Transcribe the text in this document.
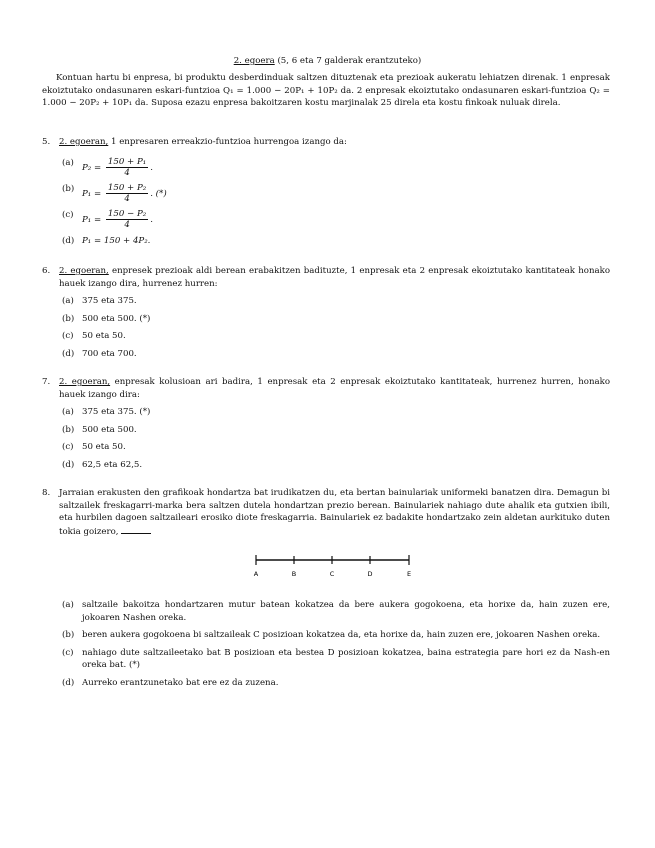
2. egoera (5, 6 eta 7 galderak erantzuteko)

Kontuan hartu bi enpresa, bi produktu desberdinduak saltzen dituztenak eta prezioak aukeratu lehiatzen direnak. 1 enpresak ekoiztutako ondasunaren eskari-funtzioa Q₁ = 1.000 − 20P₁ + 10P₂ da. 2 enpresak ekoiztutako ondasunaren eskari-funtzioa Q₂ = 1.000 − 20P₂ + 10P₁ da. Suposa ezazu enpresa bakoitzaren kostu marjinalak 25 direla eta kostu finkoak nuluak direla.

5.	2. egoeran, 1 enpresaren erreakzio-funtzioa hurrengoa izango da:
(a) $P_2 = \frac{\text{150 + P₁}}{4}$ .
(b) $P_1 = \frac{\text{150 + P₂}}{4}$ . (*)
(c) $P_1 = \frac{\text{150 − P₂}}{4}$ .
(d) P₁ = 150 + 4P₂.
6.	2. egoeran, enpresek prezioak aldi berean erabakitzen badituzte, 1 enpresak eta 2 enpresak ekoiztutako kantitateak honako hauek izango dira, hurrenez hurren:
(a) 375 eta 375.
(b) 500 eta 500. (*)
(c) 50 eta 50.
(d) 700 eta 700.
7.	2. egoeran, enpresak kolusioan ari badira, 1 enpresak eta 2 enpresak ekoiztutako kantitateak, hurrenez hurren, honako hauek izango dira:
(a) 375 eta 375. (*)
(b) 500 eta 500.
(c) 50 eta 50.
(d) 62,5 eta 62,5.
8.	Jarraian erakusten den grafikoak hondartza bat irudikatzen du, eta bertan bainulariak uniformeki banatzen dira. Demagun bi saltzailek freskagarri-marka bera saltzen dutela hondartzan prezio berean. Bainulariek nahiago dute ahalik eta gutxien ibili, eta hurbilen dagoen saltzaileari erosiko diote freskagarria. Bainulariek ez badakite hondartzako zein aldetan aurkituko duten tokia goizero,
A	B	C	D	E
(a) saltzaile bakoitza hondartzaren mutur batean kokatzea da bere aukera gogokoena, eta horixe da, hain zuzen ere, jokoaren Nashen oreka.
(b) beren aukera gogokoena bi saltzaileak C posizioan kokatzea da, eta horixe da, hain zuzen ere, jokoaren Nashen oreka.
(c) nahiago dute saltzaileetako bat B posizioan eta bestea D posizioan kokatzea, baina estrategia pare hori ez da Nash-en oreka bat. (*)
(d) Aurreko erantzunetako bat ere ez da zuzena.
